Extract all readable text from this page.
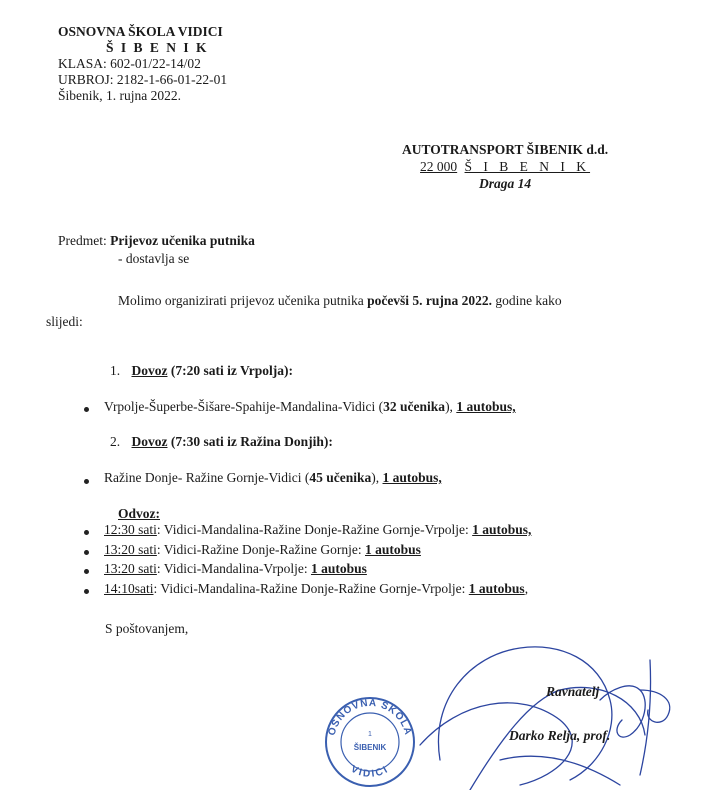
OSNOVNA ŠKOLA VIDICI
Š I B E N I K
KLASA: 602-01/22-14/02
URBROJ: 2182-1-66-01-22-01
Šibenik, 1. rujna 2022.
AUTOTRANSPORT ŠIBENIK d.d.
22 000 Š I B E N I K
Draga 14
Predmet: Prijevoz učenika putnika
- dostavlja se
Molimo organizirati prijevoz učenika putnika počevši 5. rujna 2022. godine kako
slijedi:
1. Dovoz (7:20 sati iz Vrpolja):
Vrpolje-Šuperbe-Šišare-Spahije-Mandalina-Vidici (32 učenika), 1 autobus,
2. Dovoz (7:30 sati iz Ražina Donjih):
Ražine Donje- Ražine Gornje-Vidici (45 učenika), 1 autobus,
Odvoz:
12:30 sati: Vidici-Mandalina-Ražine Donje-Ražine Gornje-Vrpolje: 1 autobus,
13:20 sati: Vidici-Ražine Donje-Ražine Gornje: 1 autobus
13:20 sati: Vidici-Mandalina-Vrpolje: 1 autobus
14:10sati: Vidici-Mandalina-Ražine Donje-Ražine Gornje-Vrpolje: 1 autobus,
S poštovanjem,
OSNOVNA ŠKOLA
VIDICI
1
ŠIBENIK
Ravnatelj
Darko Relja, prof.
